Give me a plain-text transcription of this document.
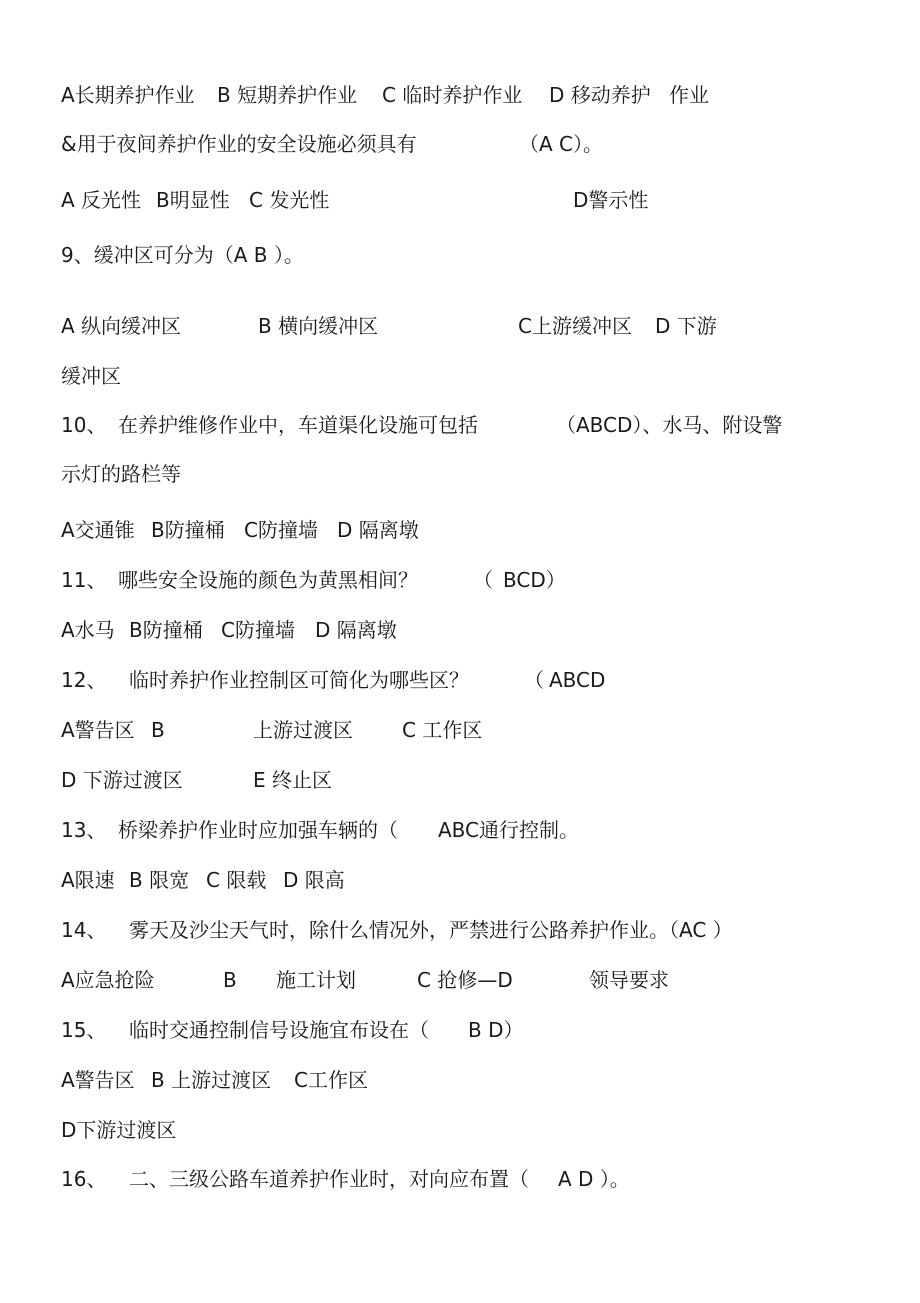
A长期养护作业

B 短期养护作业

C 临时养护作业

D 移动养护

作业

&用于夜间养护作业的安全设施必须具有

	（A C）。

A 反光性

B明显性

C 发光性

	D警示性

9、缓冲区可分为（A B ）。

A 纵向缓冲区

	B 横向缓冲区

	C上游缓冲区

D 下游

缓冲区

10、

在养护维修作业中，车道渠化设施可包括

	（ABCD）、水马、附设警

示灯的路栏等

A交通锥

B防撞桶

C防撞墙

D 隔离墩

11、

哪些安全设施的颜色为黄黑相间？

	（

BCD）

A水马

B防撞桶

C防撞墙

D 隔离墩

12、

临时养护作业控制区可简化为哪些区？

	（

ABCD

A警告区

B

	上游过渡区

C 工作区

D 下游过渡区

	E 终止区

13、

桥梁养护作业时应加强车辆的（

ABC通行控制。

A限速

B 限宽

C 限载

D 限高

14、

雾天及沙尘天气时，除什么情况外，严禁进行公路养护作业。（AC ）

A应急抢险

	B

施工计划

	C 抢修—D

	领导要求

15、

临时交通控制信号设施宜布设在（

B D）

A警告区

B 上游过渡区

C工作区

D下游过渡区

16、

二、三级公路车道养护作业时，对向应布置（

A D ）。
